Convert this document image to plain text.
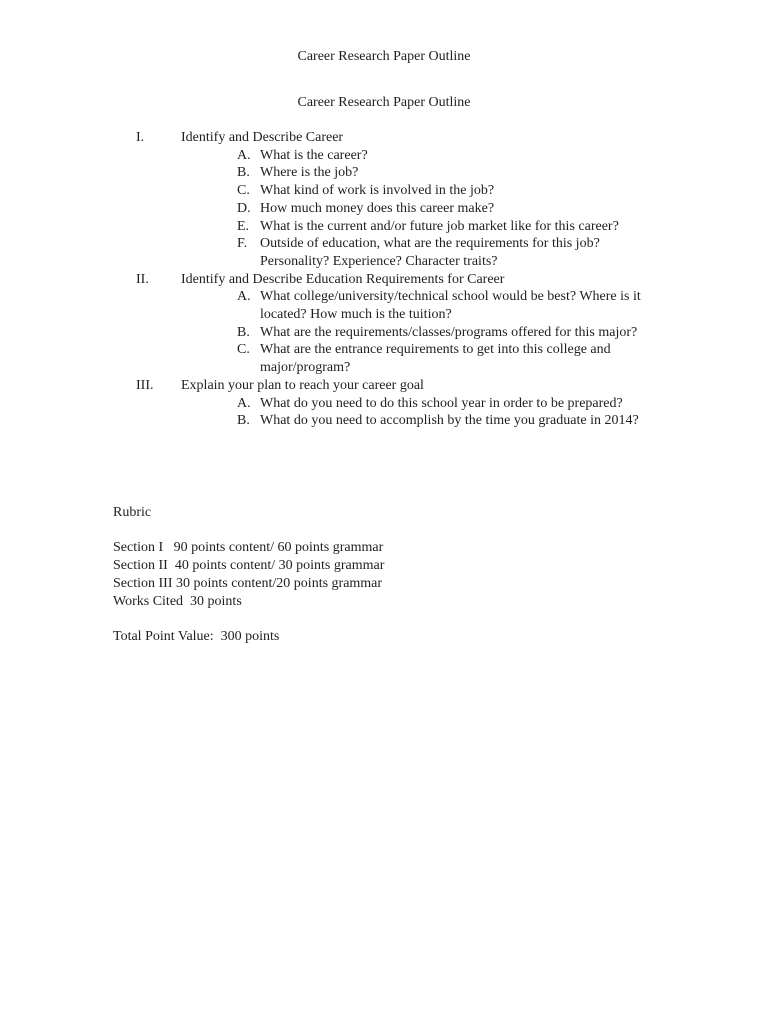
Career Research Paper Outline
Career Research Paper Outline
I.	Identify and Describe Career
A. What is the career?
B. Where is the job?
C. What kind of work is involved in the job?
D. How much money does this career make?
E. What is the current and/or future job market like for this career?
F. Outside of education, what are the requirements for this job? Personality? Experience? Character traits?
II. Identify and Describe Education Requirements for Career
A. What college/university/technical school would be best? Where is it located? How much is the tuition?
B. What are the requirements/classes/programs offered for this major?
C. What are the entrance requirements to get into this college and major/program?
III. Explain your plan to reach your career goal
A. What do you need to do this school year in order to be prepared?
B. What do you need to accomplish by the time you graduate in 2014?
Rubric
Section I   90 points content/ 60 points grammar
Section II  40 points content/ 30 points grammar
Section III 30 points content/20 points grammar
Works Cited  30 points
Total Point Value:  300 points
